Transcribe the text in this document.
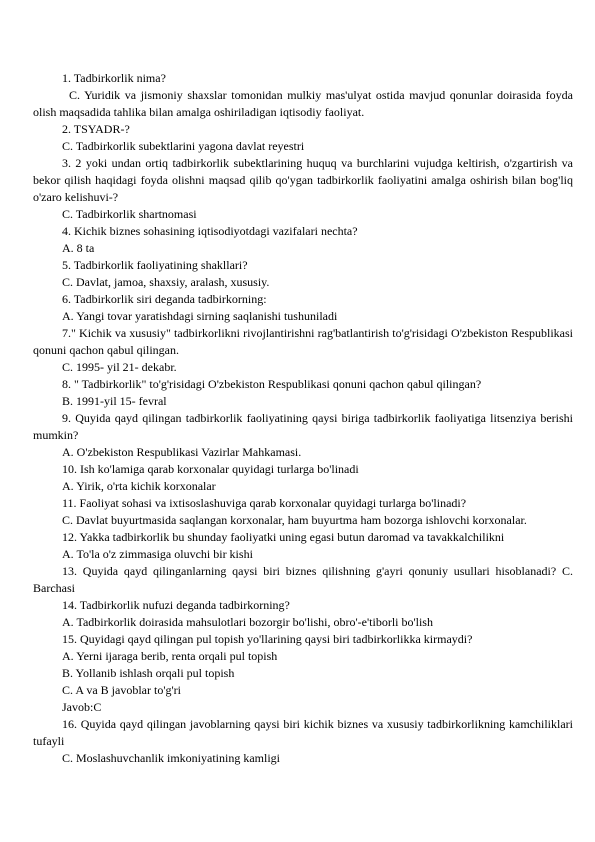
1. Tadbirkorlik nima?

C. Yuridik va jismoniy shaxslar tomonidan mulkiy mas'ulyat ostida mavjud qonunlar doirasida foyda olish maqsadida tahlika bilan amalga oshiriladigan iqtisodiy faoliyat.

2. TSYADR-?

C. Tadbirkorlik subektlarini yagona davlat reyestri

3. 2 yoki undan ortiq tadbirkorlik subektlarining huquq va burchlarini vujudga keltirish, o'zgartirish va bekor qilish haqidagi foyda olishni maqsad qilib qo'ygan tadbirkorlik faoliyatini amalga oshirish bilan bog'liq o'zaro kelishuvi-?

C. Tadbirkorlik shartnomasi

4. Kichik biznes sohasining iqtisodiyotdagi vazifalari nechta?

A. 8 ta

5. Tadbirkorlik faoliyatining shakllari?

C. Davlat, jamoa, shaxsiy, aralash, xususiy.

6. Tadbirkorlik siri deganda tadbirkorning:

A. Yangi tovar yaratishdagi sirning saqlanishi tushuniladi

7." Kichik va xususiy" tadbirkorlikni rivojlantirishni rag'batlantirish to'g'risidagi O'zbekiston Respublikasi qonuni qachon qabul qilingan.

C. 1995- yil 21- dekabr.

8. " Tadbirkorlik" to'g'risidagi O'zbekiston Respublikasi qonuni qachon qabul qilingan?

B. 1991-yil 15- fevral

9. Quyida qayd qilingan tadbirkorlik faoliyatining qaysi biriga tadbirkorlik faoliyatiga litsenziya berishi mumkin?

A. O'zbekiston Respublikasi Vazirlar Mahkamasi.

10. Ish ko'lamiga qarab korxonalar quyidagi turlarga bo'linadi

A. Yirik, o'rta kichik korxonalar

11. Faoliyat sohasi va ixtisoslashuviga qarab korxonalar quyidagi turlarga bo'linadi?

C. Davlat buyurtmasida saqlangan korxonalar, ham buyurtma ham bozorga ishlovchi korxonalar.

12. Yakka tadbirkorlik bu shunday faoliyatki uning egasi butun daromad va tavakkalchilikni

A. To'la o'z zimmasiga oluvchi bir kishi

13. Quyida qayd qilinganlarning qaysi biri biznes qilishning g'ayri qonuniy usullari hisoblanadi? C. Barchasi

14. Tadbirkorlik nufuzi deganda tadbirkorning?

A. Tadbirkorlik doirasida mahsulotlari bozorgir bo'lishi, obro'-e'tiborli bo'lish

15. Quyidagi qayd qilingan pul topish yo'llarining qaysi biri tadbirkorlikka kirmaydi?

A. Yerni ijaraga berib, renta orqali pul topish

B. Yollanib ishlash orqali pul topish

C. A va B javoblar to'g'ri

Javob:C

16. Quyida qayd qilingan javoblarning qaysi biri kichik biznes va xususiy tadbirkorlikning kamchiliklari tufayli

C. Moslashuvchanlik imkoniyatining kamligi
